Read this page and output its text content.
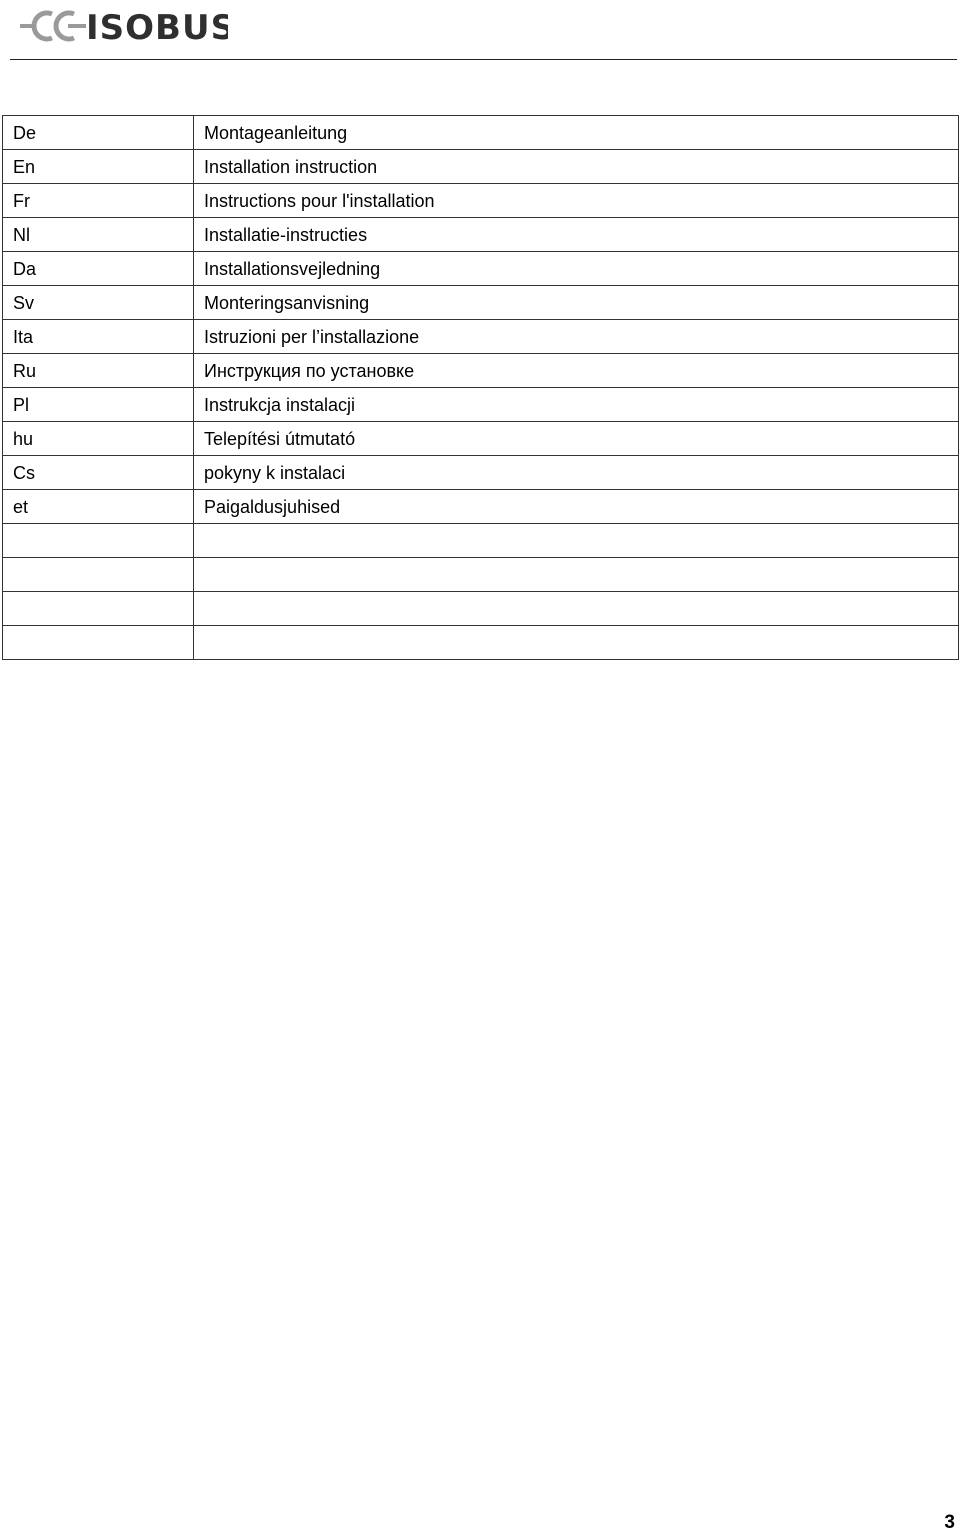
ISOBUS
De	Montageanleitung
En	Installation instruction
Fr	Instructions pour l'installation
Nl	Installatie-instructies
Da	Installationsvejledning
Sv	Monteringsanvisning
Ita	Istruzioni per l’installazione
Ru	Инструкция по установке
Pl	Instrukcja instalacji
hu	Telepítési útmutató
Cs	pokyny k instalaci
et	Paigaldusjuhised

3
